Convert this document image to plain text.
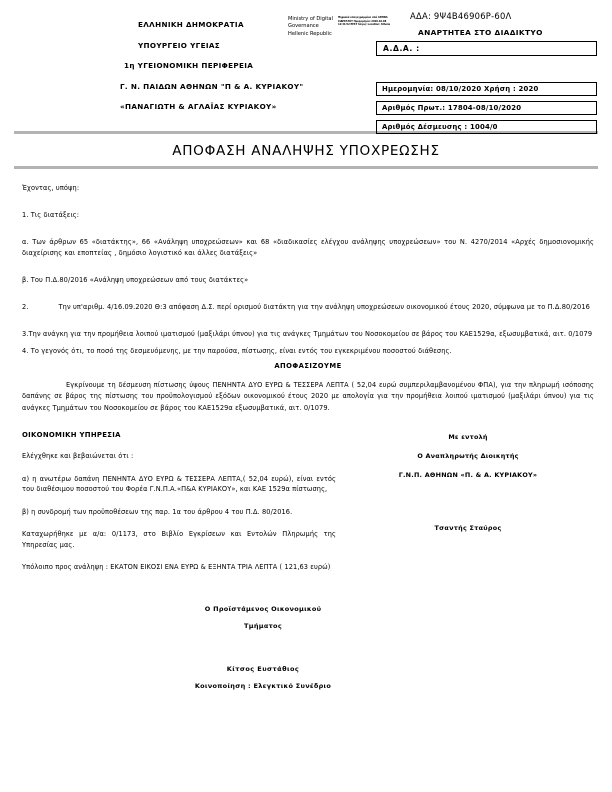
ΕΛΛΗΝΙΚΗ ΔΗΜΟΚΡΑΤΙΑ
ΥΠΟΥΡΓΕΙΟ ΥΓΕΙΑΣ
1η ΥΓΕΙΟΝΟΜΙΚΗ ΠΕΡΙΦΕΡΕΙΑ
Γ. Ν. ΠΑΙΔΩΝ ΑΘΗΝΩΝ "Π & Α. ΚΥΡΙΑΚΟΥ"
«ΠΑΝΑΓΙΩΤΗ & ΑΓΛΑΪΑΣ ΚΥΡΙΑΚΟΥ»
Ministry of Digital Governance Hellenic Republic
Ψηφιακά υπογεγραμμένο από ΑΘΗΝΑ ΣΙΔΕΡΑΤΟΥ Ημερομηνία: 2020.10.08 12:41:52 EEST Λόγος: Location: Athens
ΑΔΑ: 9Ψ4Β46906Ρ-60Λ
ΑΝΑΡΤΗΤΕΑ ΣΤΟ ΔΙΑΔΙΚΤΥΟ
Α.Δ.Α. :
Ημερομηνία: 08/10/2020 Χρήση : 2020
Αριθμός Πρωτ.: 17804-08/10/2020
Αριθμός Δέσμευσης : 1004/0
ΑΠΟΦΑΣΗ ΑΝΑΛΗΨΗΣ ΥΠΟΧΡΕΩΣΗΣ

Έχοντας, υπόψη:

1. Τις διατάξεις:

α. Των άρθρων 65 «διατάκτης», 66 «Ανάληψη υποχρεώσεων» και 68 «διαδικασίες ελέγχου ανάληψης υποχρεώσεων» του Ν. 4270/2014 «Αρχές δημοσιονομικής διαχείρισης και εποπτείας , δημόσιο λογιστικό και άλλες διατάξεις»

β. Του Π.Δ.80/2016 «Ανάληψη υποχρεώσεων από τους διατάκτες»

2.	Την υπ'αριθμ. 4/16.09.2020 Θ:3 απόφαση Δ.Σ. περί ορισμού διατάκτη για την ανάληψη υποχρεώσεων οικονομικού έτους 2020, σύμφωνα με το Π.Δ.80/2016

3.Την ανάγκη για την προμήθεια λοιπού ιματισμού (μαξιλάρι ύπνου) για τις ανάγκες Τμημάτων του Νοσοκομείου σε βάρος του ΚΑΕ1529α, εξωσυμβατικά, αιτ. 0/1079

4. Το γεγονός ότι, το ποσό της δεσμευόμενης, με την παρούσα, πίστωσης, είναι εντός του εγκεκριμένου ποσοστού διάθεσης.

ΑΠΟΦΑΣΙΖΟΥΜΕ

Εγκρίνουμε τη δέσμευση πίστωσης ύψους ΠΕΝΗΝΤΑ ΔΥΟ ΕΥΡΩ & ΤΕΣΣΕΡΑ ΛΕΠΤΑ ( 52,04 ευρώ συμπεριλαμβανομένου ΦΠΑ), για την πληρωμή ισόποσης δαπάνης σε βάρος της πίστωσης του προϋπολογισμού εξόδων οικονομικού έτους 2020 με απολογία για την προμήθεια λοιπού ιματισμού (μαξιλάρι ύπνου) για τις ανάγκες Τμημάτων του Νοσοκομείου σε βάρος του ΚΑΕ1529α εξωσυμβατικά, αιτ. 0/1079.

ΟΙΚΟΝΟΜΙΚΗ ΥΠΗΡΕΣΙΑ

Ελέγχθηκε και βεβαιώνεται ότι :

α) η ανωτέρω δαπάνη ΠΕΝΗΝΤΑ ΔΥΟ ΕΥΡΩ & ΤΕΣΣΕΡΑ ΛΕΠΤΑ,( 52,04 ευρώ), είναι εντός του διαθέσιμου ποσοστού του Φορέα Γ.Ν.Π.Α.«Π&Α ΚΥΡΙΑΚΟΥ», και ΚΑΕ 1529α πίστωσης,

β) η συνδρομή των προϋποθέσεων της παρ. 1α του άρθρου 4 του Π.Δ. 80/2016.

Καταχωρήθηκε με α/α: 0/1173, στο Βιβλίο Εγκρίσεων και Εντολών Πληρωμής της Υπηρεσίας μας.

Υπόλοιπο προς ανάληψη : ΕΚΑΤΟΝ ΕΙΚΟΣΙ ΕΝΑ ΕΥΡΩ & ΕΞΗΝΤΑ ΤΡΙΑ ΛΕΠΤΑ ( 121,63 ευρώ)

Με εντολή
Ο Αναπληρωτής Διοικητής
Γ.Ν.Π. ΑΘΗΝΩΝ «Π. & Α. ΚΥΡΙΑΚΟΥ»
Τσαντής Σταύρος
Ο Προϊστάμενος Οικονομικού
Τμήματος
Κίτσος Ευστάθιος
Κοινοποίηση : Ελεγκτικό Συνέδριο
